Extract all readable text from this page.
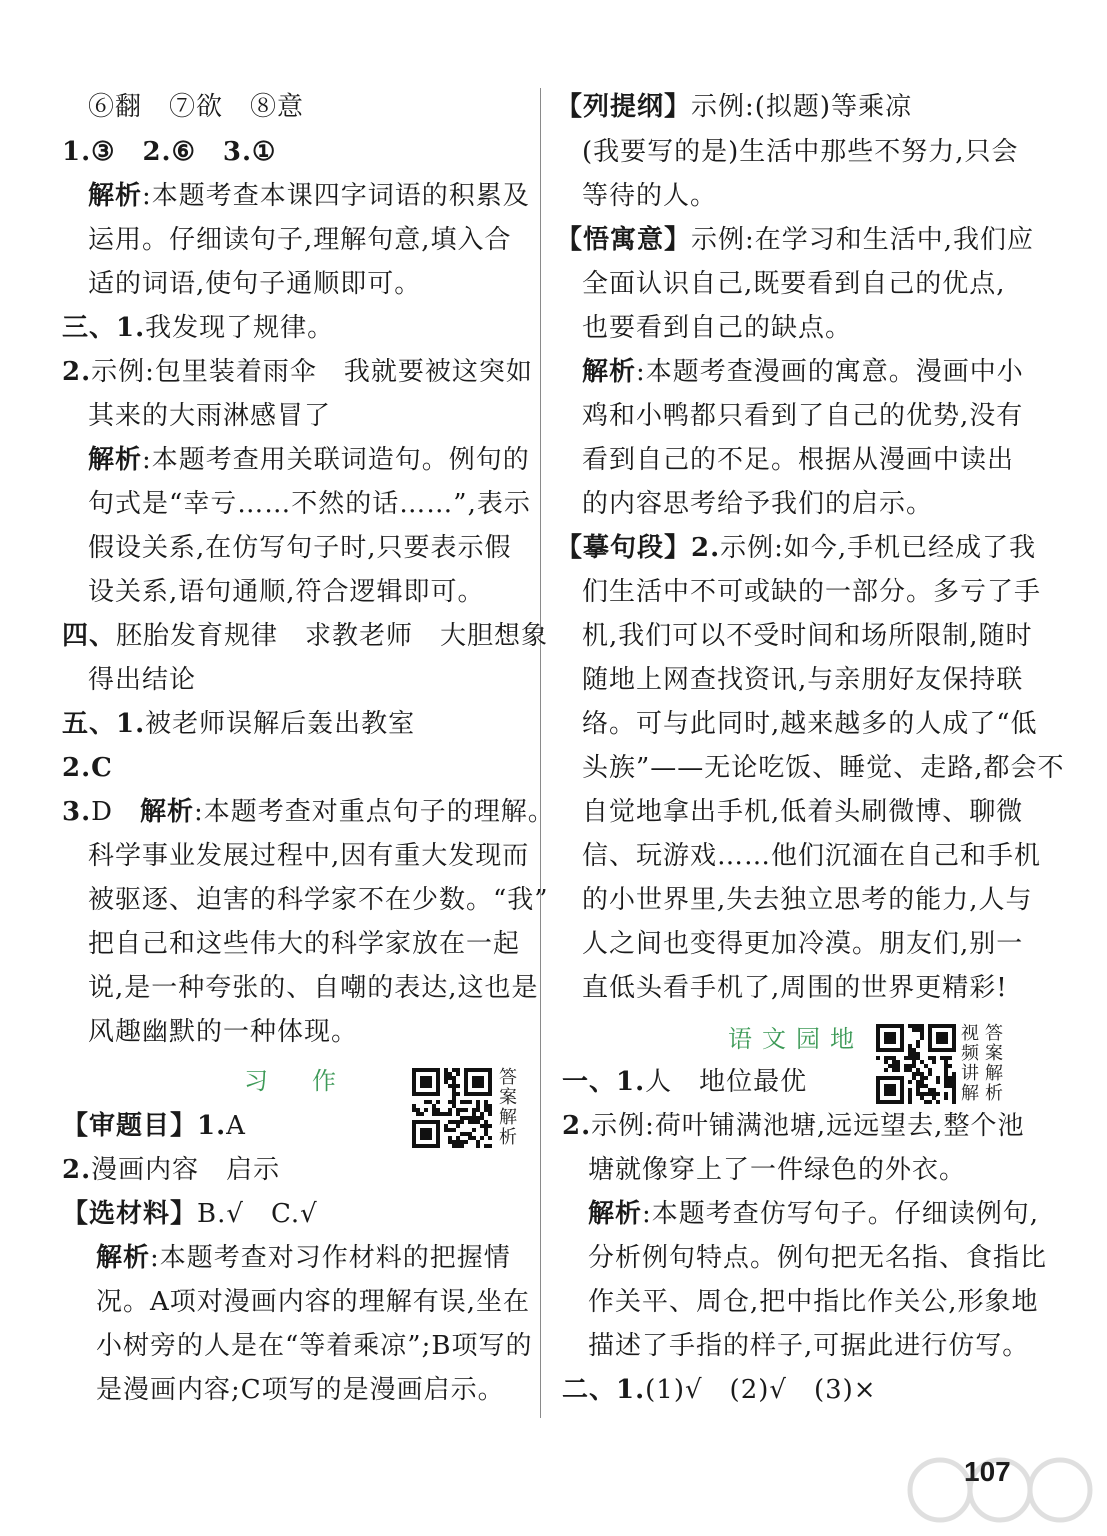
⑥翻　⑦欲　⑧意
1.③　2.⑥　3.①
解析:本题考查本课四字词语的积累及
运用。仔细读句子,理解句意,填入合
适的词语,使句子通顺即可。
三、1.我发现了规律。
2.示例:包里装着雨伞　我就要被这突如
其来的大雨淋感冒了
解析:本题考查用关联词造句。例句的
句式是“幸亏……不然的话……”,表示
假设关系,在仿写句子时,只要表示假
设关系,语句通顺,符合逻辑即可。
四、胚胎发育规律　求教老师　大胆想象
得出结论
五、1.被老师误解后轰出教室
2.C
3.D　解析:本题考查对重点句子的理解。
科学事业发展过程中,因有重大发现而
被驱逐、迫害的科学家不在少数。“我”
把自己和这些伟大的科学家放在一起
说,是一种夸张的、自嘲的表达,这也是
风趣幽默的一种体现。
习作	答案解析
【审题目】1.A
2.漫画内容　启示
【选材料】B.√　C.√
解析:本题考查对习作材料的把握情
况。A项对漫画内容的理解有误,坐在
小树旁的人是在“等着乘凉”;B项写的
是漫画内容;C项写的是漫画启示。
【列提纲】示例:(拟题)等乘凉
(我要写的是)生活中那些不努力,只会
等待的人。
【悟寓意】示例:在学习和生活中,我们应
全面认识自己,既要看到自己的优点,
也要看到自己的缺点。
解析:本题考查漫画的寓意。漫画中小
鸡和小鸭都只看到了自己的优势,没有
看到自己的不足。根据从漫画中读出
的内容思考给予我们的启示。
【摹句段】2.示例:如今,手机已经成了我
们生活中不可或缺的一部分。多亏了手
机,我们可以不受时间和场所限制,随时
随地上网查找资讯,与亲朋好友保持联
络。可与此同时,越来越多的人成了“低
头族”——无论吃饭、睡觉、走路,都会不
自觉地拿出手机,低着头刷微博、聊微
信、玩游戏……他们沉湎在自己和手机
的小世界里,失去独立思考的能力,人与
人之间也变得更加冷漠。朋友们,别一
直低头看手机了,周围的世界更精彩!
语文园地	视频讲解
答案解析
一、1.人　地位最优
2.示例:荷叶铺满池塘,远远望去,整个池
塘就像穿上了一件绿色的外衣。
解析:本题考查仿写句子。仔细读例句,
分析例句特点。例句把无名指、食指比
作关平、周仓,把中指比作关公,形象地
描述了手指的样子,可据此进行仿写。
二、1.(1)√　(2)√　(3)×
107
